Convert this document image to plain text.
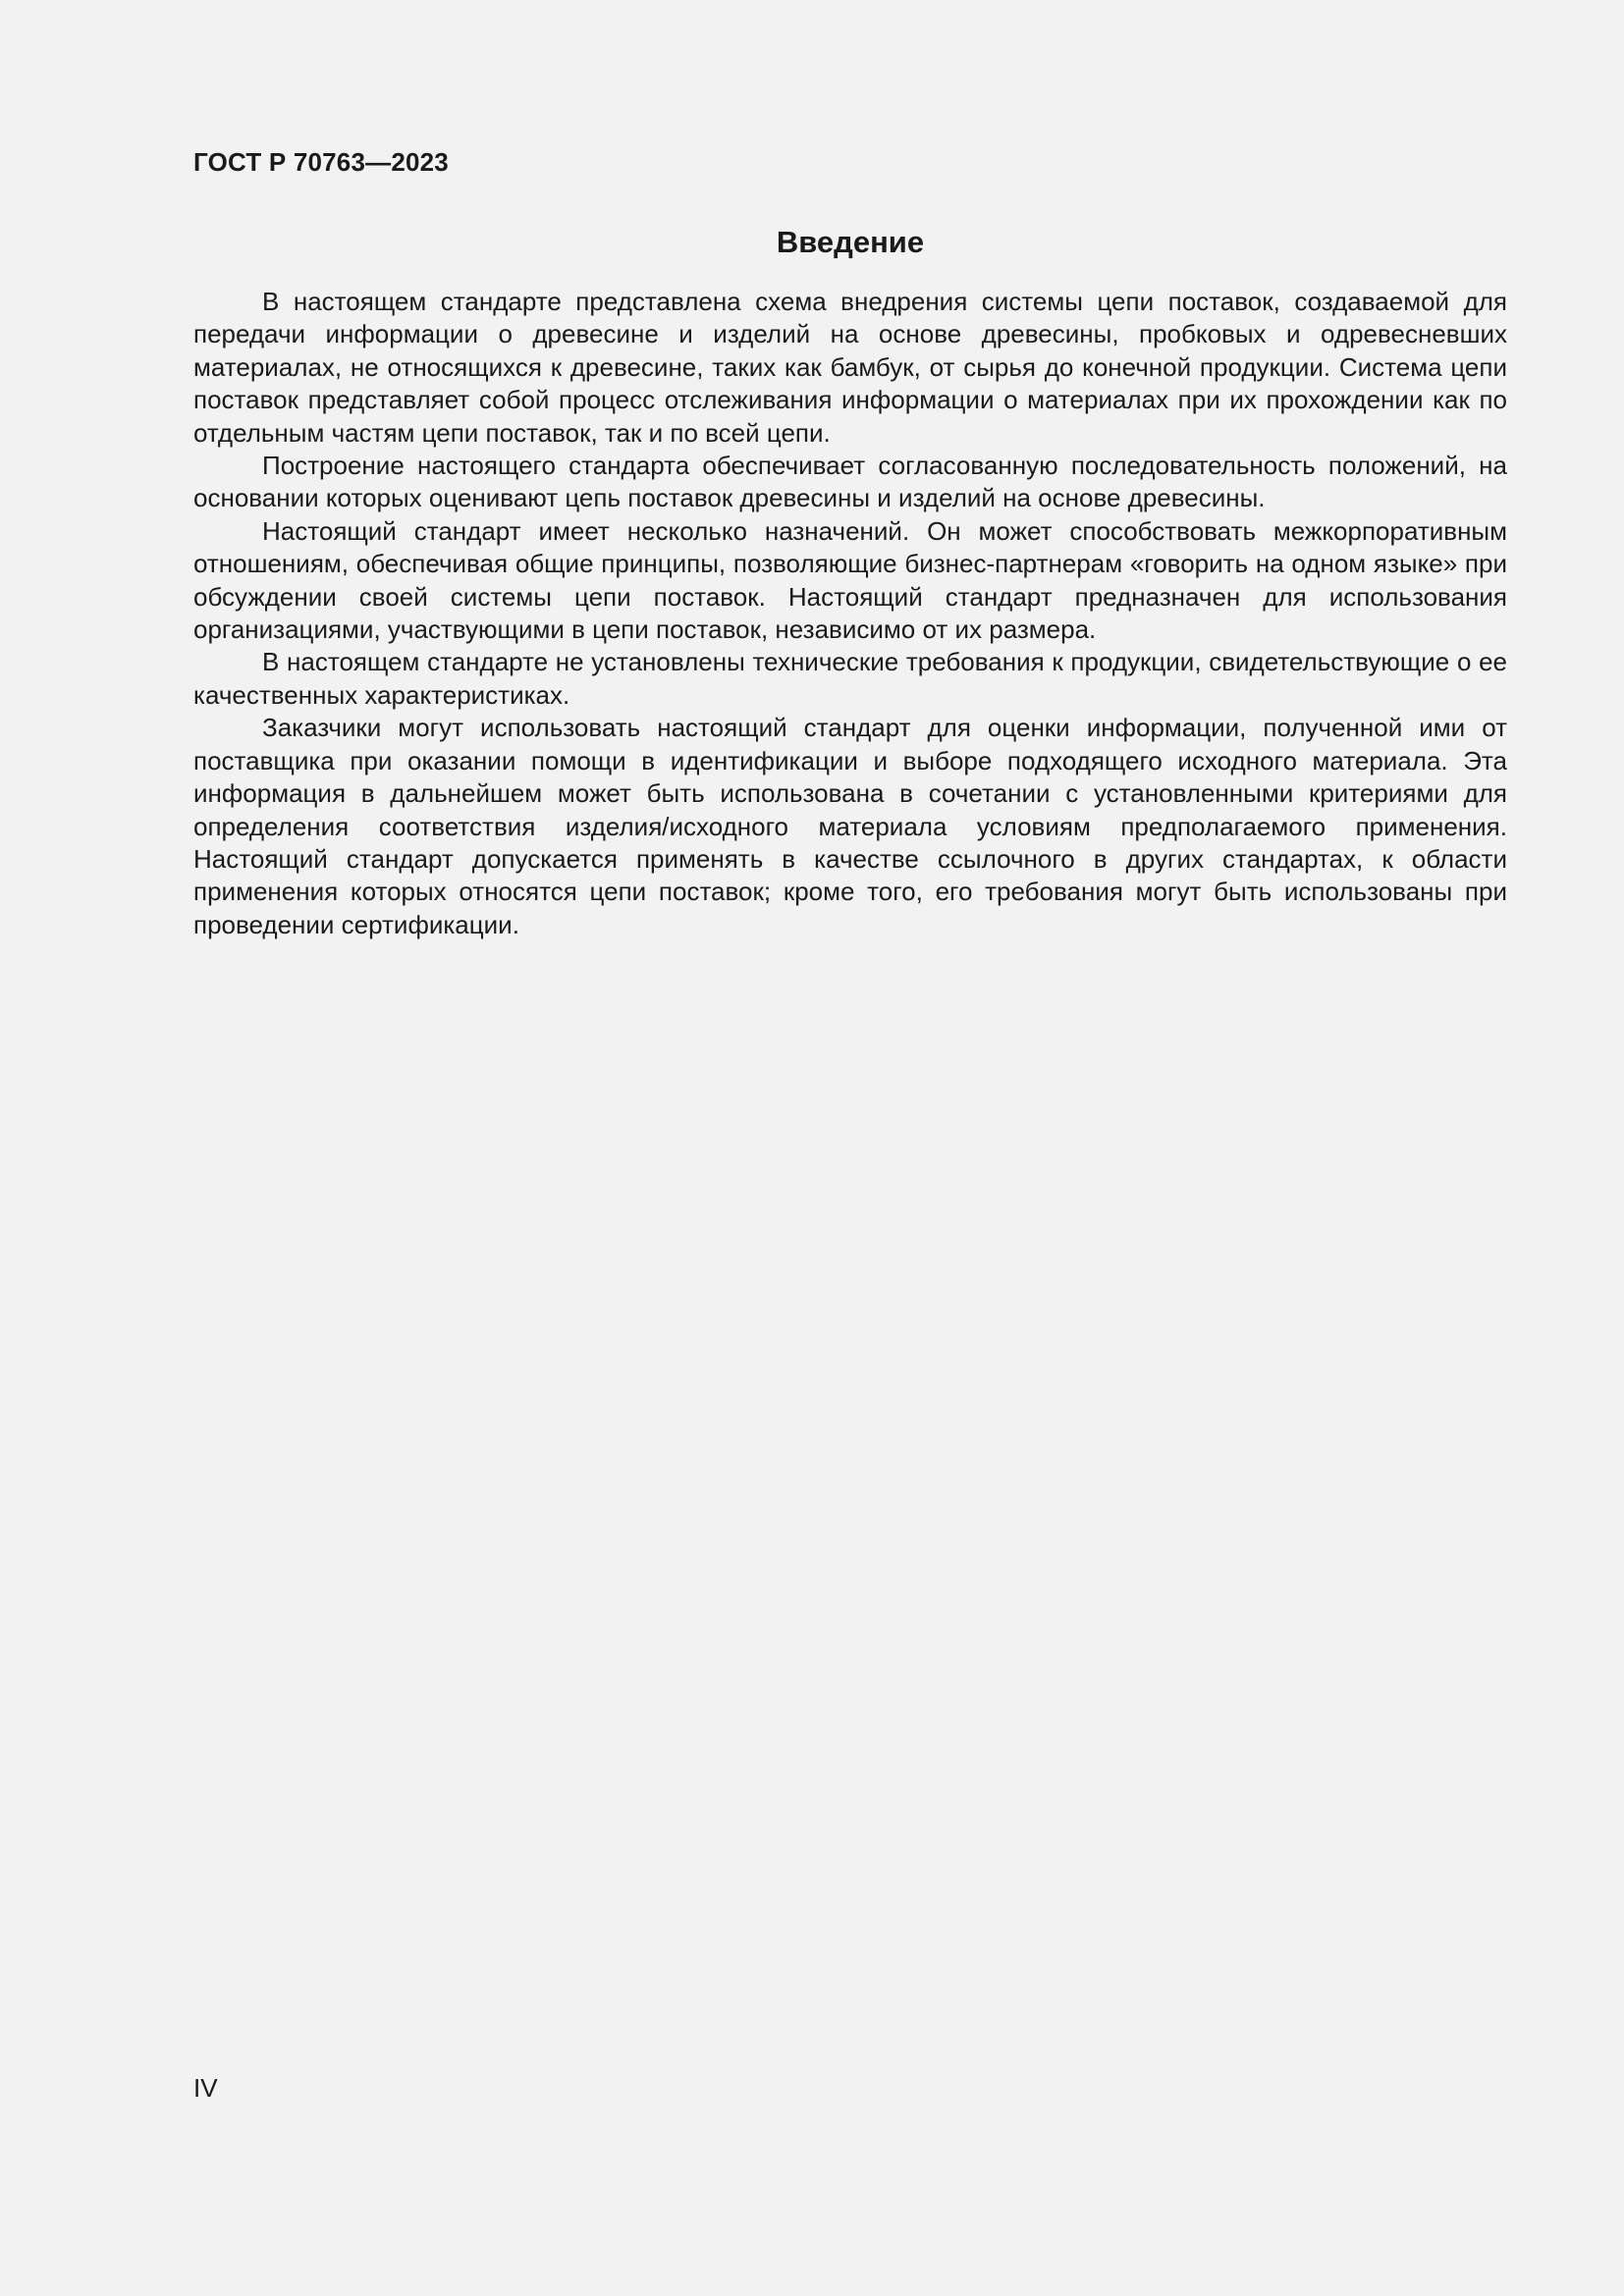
ГОСТ Р 70763—2023
Введение

В настоящем стандарте представлена схема внедрения системы цепи поставок, создаваемой для передачи информации о древесине и изделий на основе древесины, пробковых и одревесневших материалах, не относящихся к древесине, таких как бамбук, от сырья до конечной продукции. Система цепи поставок представляет собой процесс отслеживания информации о материалах при их прохождении как по отдельным частям цепи поставок, так и по всей цепи.

Построение настоящего стандарта обеспечивает согласованную последовательность положений, на основании которых оценивают цепь поставок древесины и изделий на основе древесины.

Настоящий стандарт имеет несколько назначений. Он может способствовать межкорпоративным отношениям, обеспечивая общие принципы, позволяющие бизнес-партнерам «говорить на одном языке» при обсуждении своей системы цепи поставок. Настоящий стандарт предназначен для использования организациями, участвующими в цепи поставок, независимо от их размера.

В настоящем стандарте не установлены технические требования к продукции, свидетельствующие о ее качественных характеристиках.

Заказчики могут использовать настоящий стандарт для оценки информации, полученной ими от поставщика при оказании помощи в идентификации и выборе подходящего исходного материала. Эта информация в дальнейшем может быть использована в сочетании с установленными критериями для определения соответствия изделия/исходного материала условиям предполагаемого применения. Настоящий стандарт допускается применять в качестве ссылочного в других стандартах, к области применения которых относятся цепи поставок; кроме того, его требования могут быть использованы при проведении сертификации.

IV
